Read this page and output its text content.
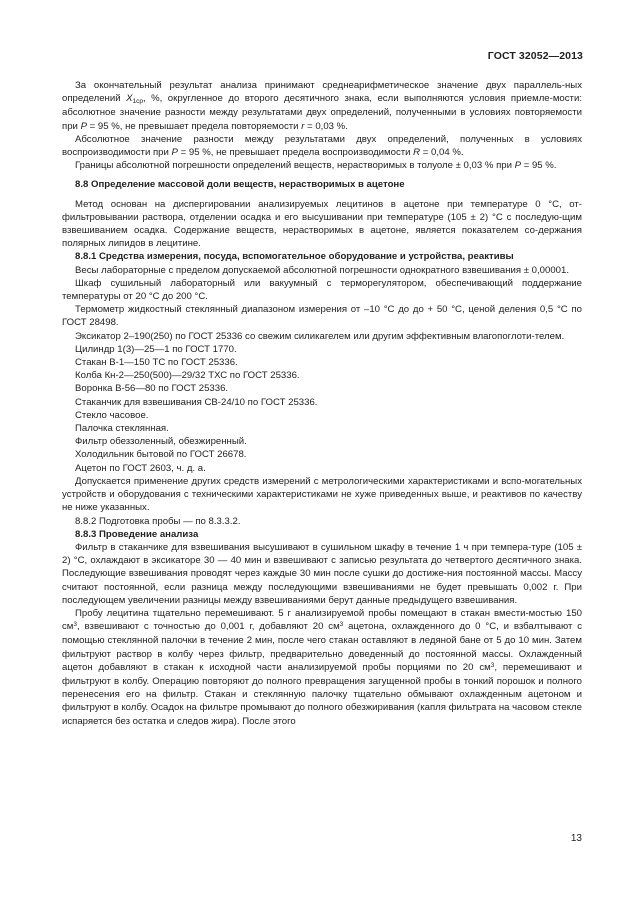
ГОСТ 32052—2013

За окончательный результат анализа принимают среднеарифметическое значение двух параллель-ных определений $X_{1ср}$, %, округленное до второго десятичного знака, если выполняются условия приемле-мости: абсолютное значение разности между результатами двух определений, полученными в условиях повторяемости при P = 95 %, не превышает предела повторяемости r = 0,03 %.

Абсолютное значение разности между результатами двух определений, полученных в условиях воспроизводимости при P = 95 %, не превышает предела воспроизводимости R = 0,04 %.

Границы абсолютной погрешности определений веществ, нерастворимых в толуоле ± 0,03 % при P = 95 %.

8.8 Определение массовой доли веществ, нерастворимых в ацетоне

Метод основан на диспергировании анализируемых лецитинов в ацетоне при температуре 0 °С, от-фильтровывании раствора, отделении осадка и его высушивании при температуре (105 ± 2) °С с последую-щим взвешиванием осадка. Содержание веществ, нерастворимых в ацетоне, является показателем со-держания полярных липидов в лецитине.

8.8.1 Средства измерения, посуда, вспомогательное оборудование и устройства, реактивы

Весы лабораторные с пределом допускаемой абсолютной погрешности однократного взвешивания ± 0,00001.

Шкаф сушильный лабораторный или вакуумный с терморегулятором, обеспечивающий поддержание температуры от 20 °С до 200 °С.

Термометр жидкостный стеклянный диапазоном измерения от –10 °С до до + 50 °С, ценой деления 0,5 °С по ГОСТ 28498.

Эксикатор 2–190(250) по ГОСТ 25336 со свежим силикагелем или другим эффективным влагопоглоти-телем.

Цилиндр 1(3)—25—1 по ГОСТ 1770.

Стакан В-1—150 ТС по ГОСТ 25336.

Колба Кн-2—250(500)—29/32 ТХС по ГОСТ 25336.

Воронка В-56—80 по ГОСТ 25336.

Стаканчик для взвешивания СВ-24/10 по ГОСТ 25336.

Стекло часовое.

Палочка стеклянная.

Фильтр обеззоленный, обезжиренный.

Холодильник бытовой по ГОСТ 26678.

Ацетон по ГОСТ 2603, ч. д. а.

Допускается применение других средств измерений с метрологическими характеристиками и вспо-могательных устройств и оборудования с техническими характеристиками не хуже приведенных выше, и реактивов по качеству не ниже указанных.

8.8.2 Подготовка пробы — по 8.3.3.2.

8.8.3 Проведение анализа

Фильтр в стаканчике для взвешивания высушивают в сушильном шкафу в течение 1 ч при темпера-туре (105 ± 2) °С, охлаждают в эксикаторе 30 — 40 мин и взвешивают с записью результата до четвертого десятичного знака. Последующие взвешивания проводят через каждые 30 мин после сушки до достиже-ния постоянной массы. Массу считают постоянной, если разница между последующими взвешиваниями не будет превышать 0,002 г. При последующем увеличении разницы между взвешиваниями берут данные предыдущего взвешивания.

Пробу лецитина тщательно перемешивают. 5 г анализируемой пробы помещают в стакан вмести-мостью 150 $см^3$, взвешивают с точностью до 0,001 г, добавляют 20 $см^3$ ацетона, охлажденного до 0 °С, и взбалтывают с помощью стеклянной палочки в течение 2 мин, после чего стакан оставляют в ледяной бане от 5 до 10 мин. Затем фильтруют раствор в колбу через фильтр, предварительно доведенный до постоянной массы. Охлажденный ацетон добавляют в стакан к исходной части анализируемой пробы порциями по 20 $см^3$, перемешивают и фильтруют в колбу. Операцию повторяют до полного превращения загущенной пробы в тонкий порошок и полного перенесения его на фильтр. Стакан и стеклянную палочку тщательно обмывают охлажденным ацетоном и фильтруют в колбу. Осадок на фильтре промывают до полного обезжиривания (капля фильтрата на часовом стекле испаряется без остатка и следов жира). После этого

13
